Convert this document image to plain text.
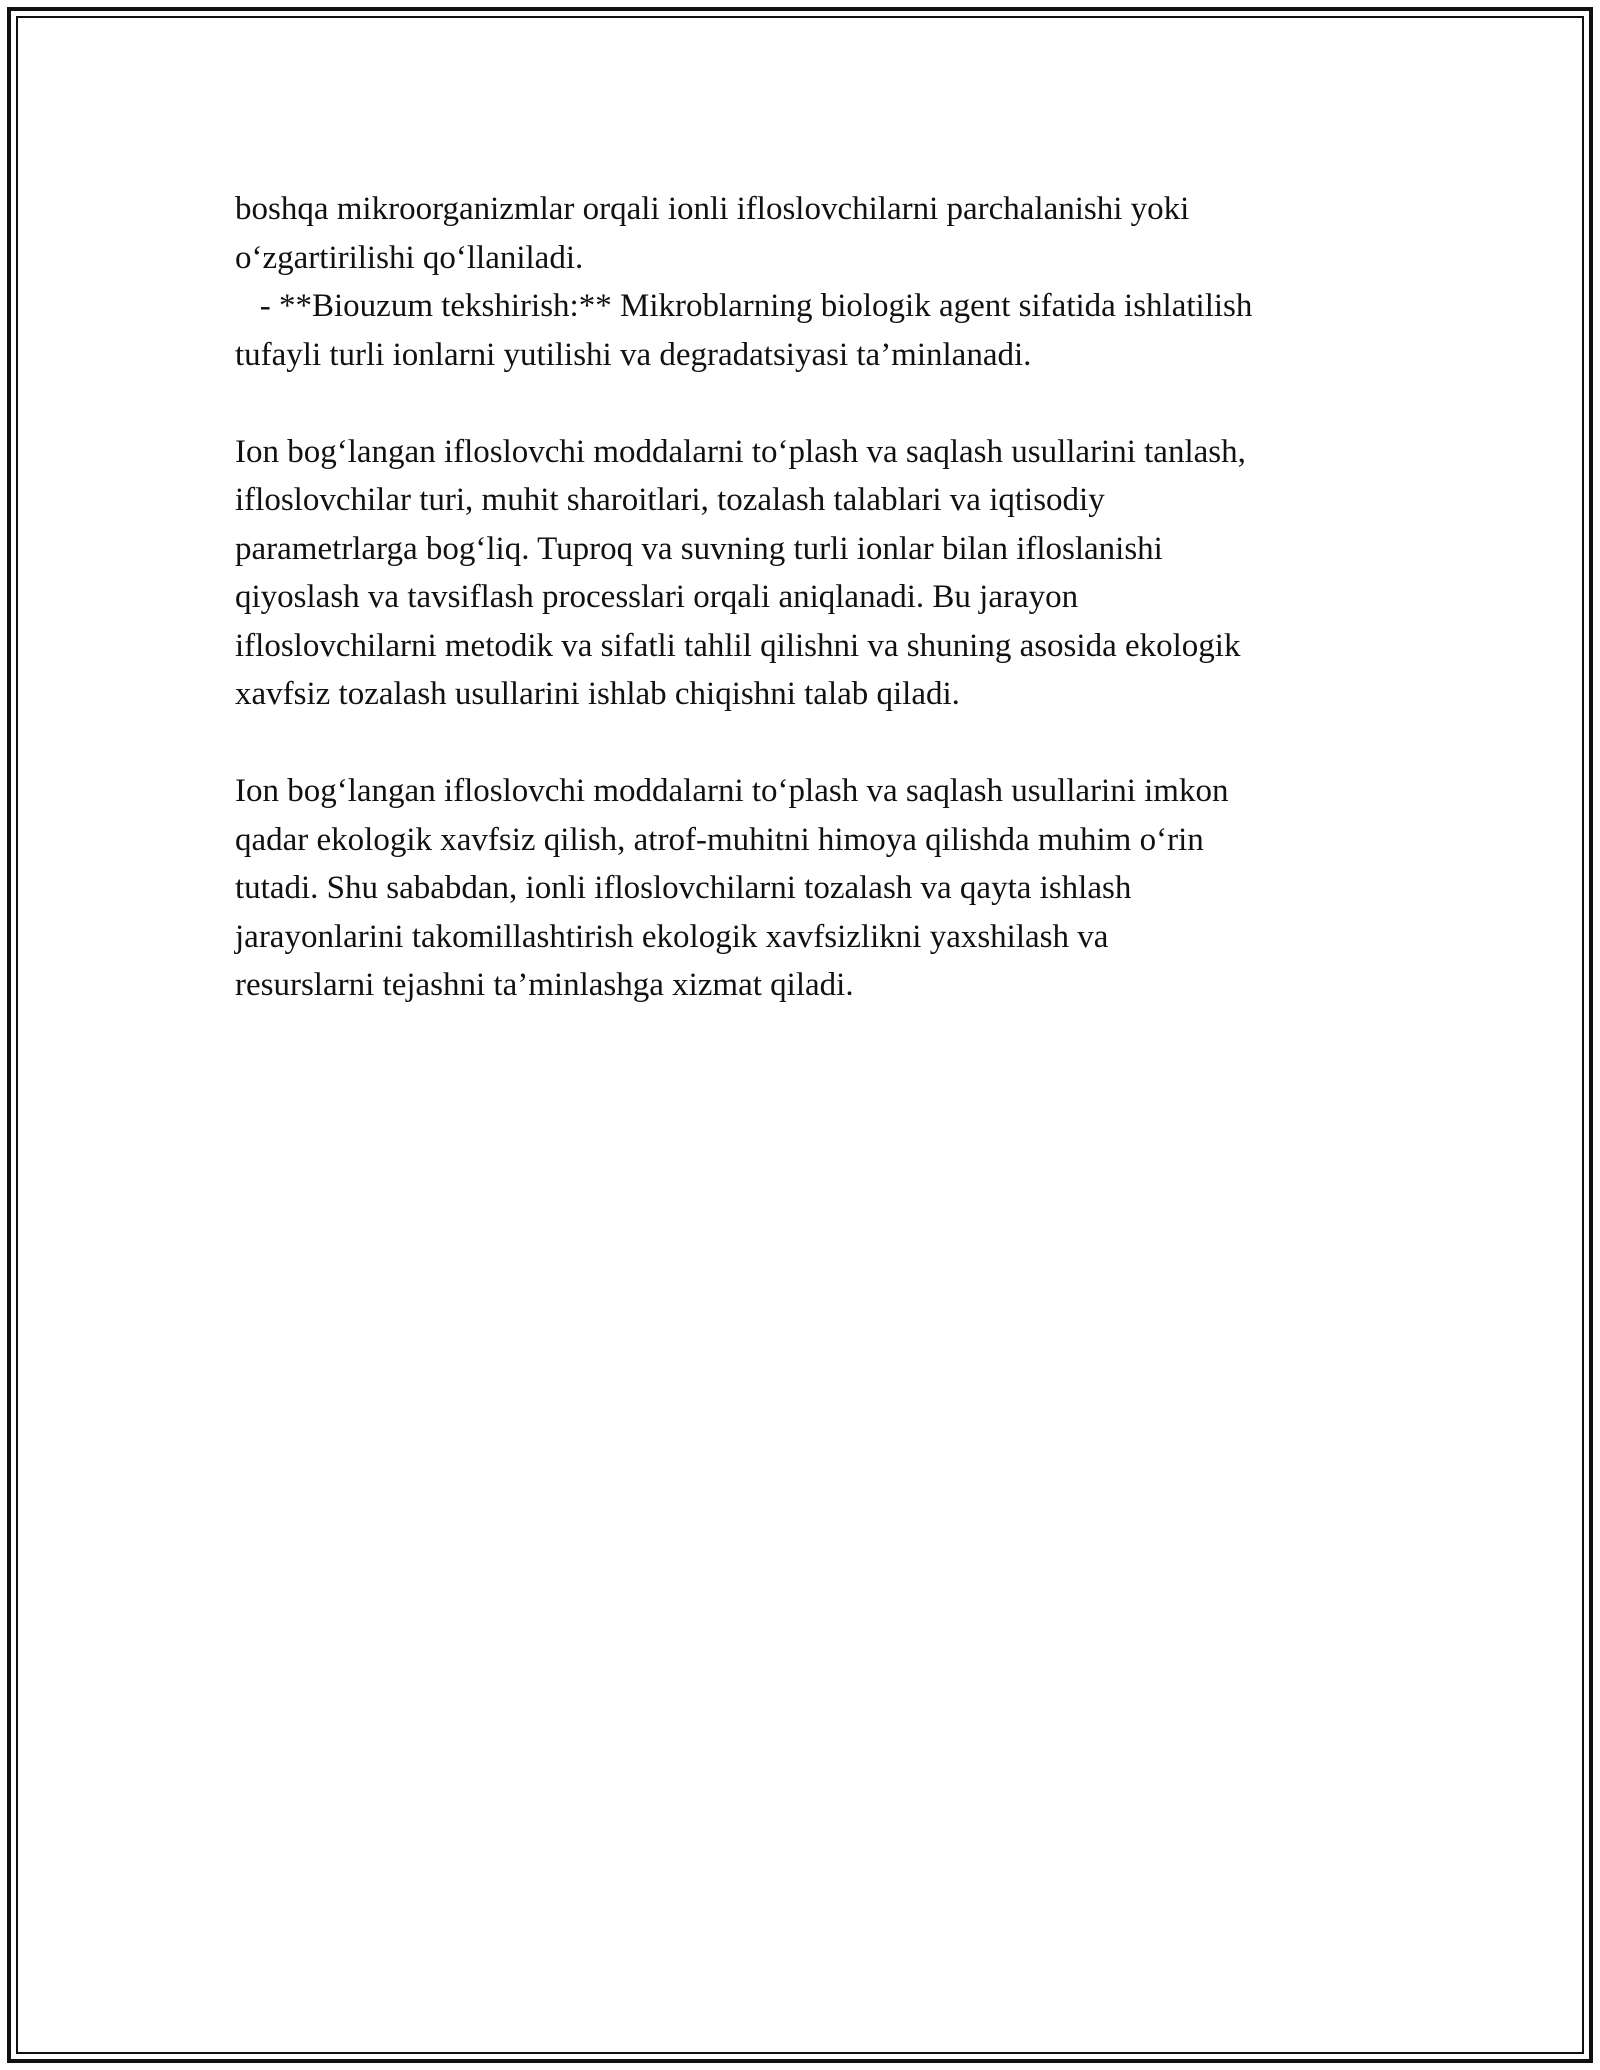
boshqa mikroorganizmlar orqali ionli ifloslovchilarni parchalanishi yoki
o‘zgartirilishi qo‘llaniladi.
- **Biouzum tekshirish:** Mikroblarning biologik agent sifatida ishlatilish
tufayli turli ionlarni yutilishi va degradatsiyasi ta’minlanadi.
Ion bog‘langan ifloslovchi moddalarni to‘plash va saqlash usullarini tanlash,
ifloslovchilar turi, muhit sharoitlari, tozalash talablari va iqtisodiy
parametrlarga bog‘liq. Tuproq va suvning turli ionlar bilan ifloslanishi
qiyoslash va tavsiflash processlari orqali aniqlanadi. Bu jarayon
ifloslovchilarni metodik va sifatli tahlil qilishni va shuning asosida ekologik
xavfsiz tozalash usullarini ishlab chiqishni talab qiladi.
Ion bog‘langan ifloslovchi moddalarni to‘plash va saqlash usullarini imkon
qadar ekologik xavfsiz qilish, atrof-muhitni himoya qilishda muhim o‘rin
tutadi. Shu sababdan, ionli ifloslovchilarni tozalash va qayta ishlash
jarayonlarini takomillashtirish ekologik xavfsizlikni yaxshilash va
resurslarni tejashni ta’minlashga xizmat qiladi.
